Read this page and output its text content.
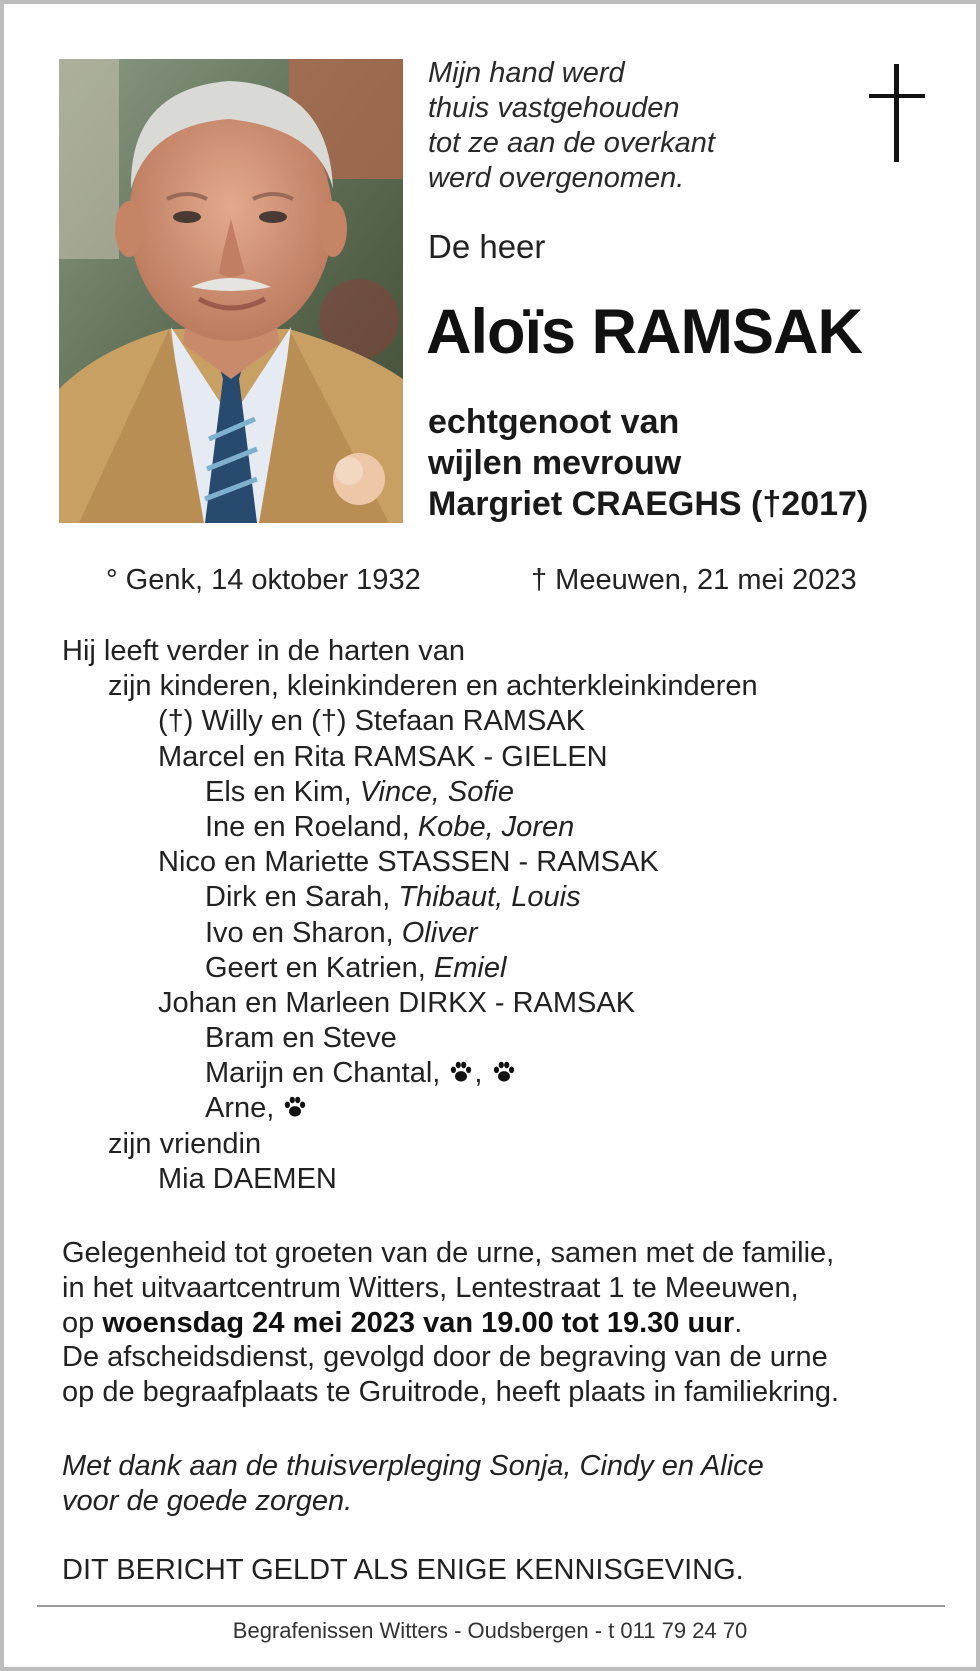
Mijn hand werd
thuis vastgehouden
tot ze aan de overkant
werd overgenomen.
De heer
Aloïs RAMSAK
echtgenoot van
wijlen mevrouw
Margriet CRAEGHS (†2017)
° Genk, 14 oktober 1932	† Meeuwen, 21 mei 2023
Hij leeft verder in de harten van
zijn kinderen, kleinkinderen en achterkleinkinderen
(†) Willy en (†) Stefaan RAMSAK
Marcel en Rita RAMSAK - GIELEN
Els en Kim, Vince, Sofie
Ine en Roeland, Kobe, Joren
Nico en Mariette STASSEN - RAMSAK
Dirk en Sarah, Thibaut, Louis
Ivo en Sharon, Oliver
Geert en Katrien, Emiel
Johan en Marleen DIRKX - RAMSAK
Bram en Steve
Marijn en Chantal, ,
Arne,
zijn vriendin
Mia DAEMEN
Gelegenheid tot groeten van de urne, samen met de familie,
in het uitvaartcentrum Witters, Lentestraat 1 te Meeuwen,
op woensdag 24 mei 2023 van 19.00 tot 19.30 uur.
De afscheidsdienst, gevolgd door de begraving van de urne
op de begraafplaats te Gruitrode, heeft plaats in familiekring.
Met dank aan de thuisverpleging Sonja, Cindy en Alice
voor de goede zorgen.
DIT BERICHT GELDT ALS ENIGE KENNISGEVING.
Begrafenissen Witters - Oudsbergen - t 011 79 24 70
